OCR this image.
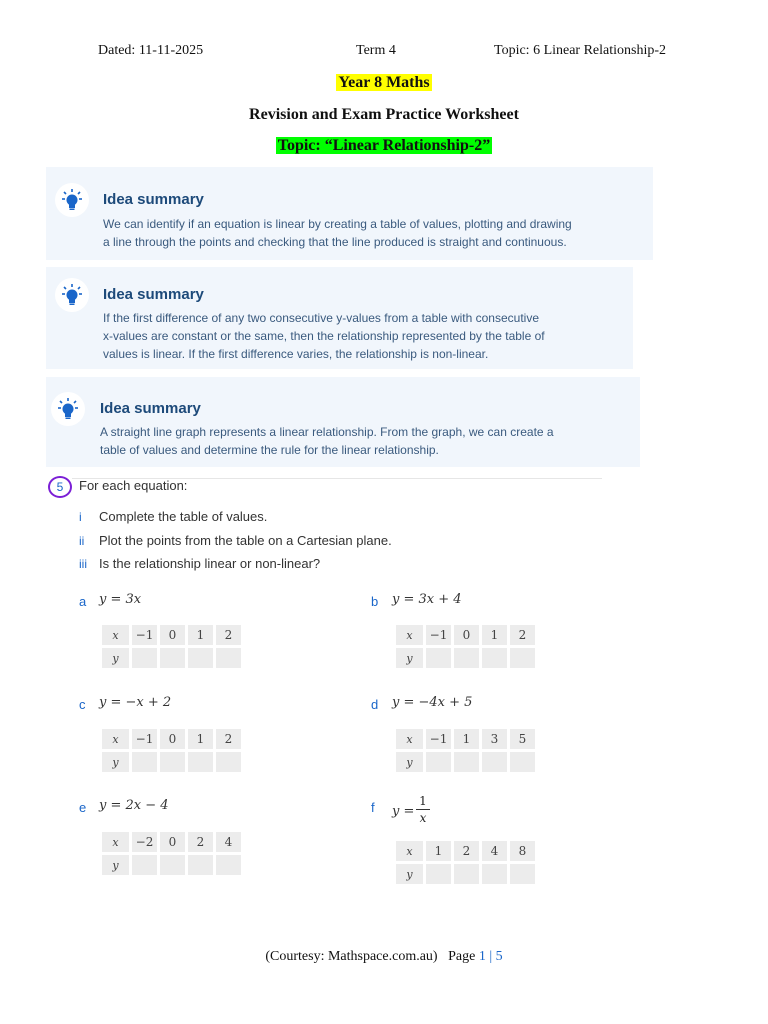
Dated: 11-11-2025	Term 4	Topic: 6 Linear Relationship-2
Year 8 Maths
Revision and Exam Practice Worksheet
Topic: “Linear Relationship-2”
Idea summary
We can identify if an equation is linear by creating a table of values, plotting and drawing
a line through the points and checking that the line produced is straight and continuous.
Idea summary
If the first difference of any two consecutive y-values from a table with consecutive
x-values are constant or the same, then the relationship represented by the table of
values is linear. If the first difference varies, the relationship is non-linear.
Idea summary
A straight line graph represents a linear relationship. From the graph, we can create a
table of values and determine the rule for the linear relationship.
5	For each equation:
i Complete the table of values.
ii Plot the points from the table on a Cartesian plane.
iii Is the relationship linear or non-linear?
a y = 3x
x	−1	0	1	2
y				
b y = 3x + 4
x	−1	0	1	2
y				
c y = −x + 2
x	−1	0	1	2
y				
d y = −4x + 5
x	−1	1	3	5
y				
e y = 2x − 4
x	−2	0	2	4
y				
f y =
1
x
x	1	2	4	8
y				
(Courtesy: Mathspace.com.au) Page 1 | 5
